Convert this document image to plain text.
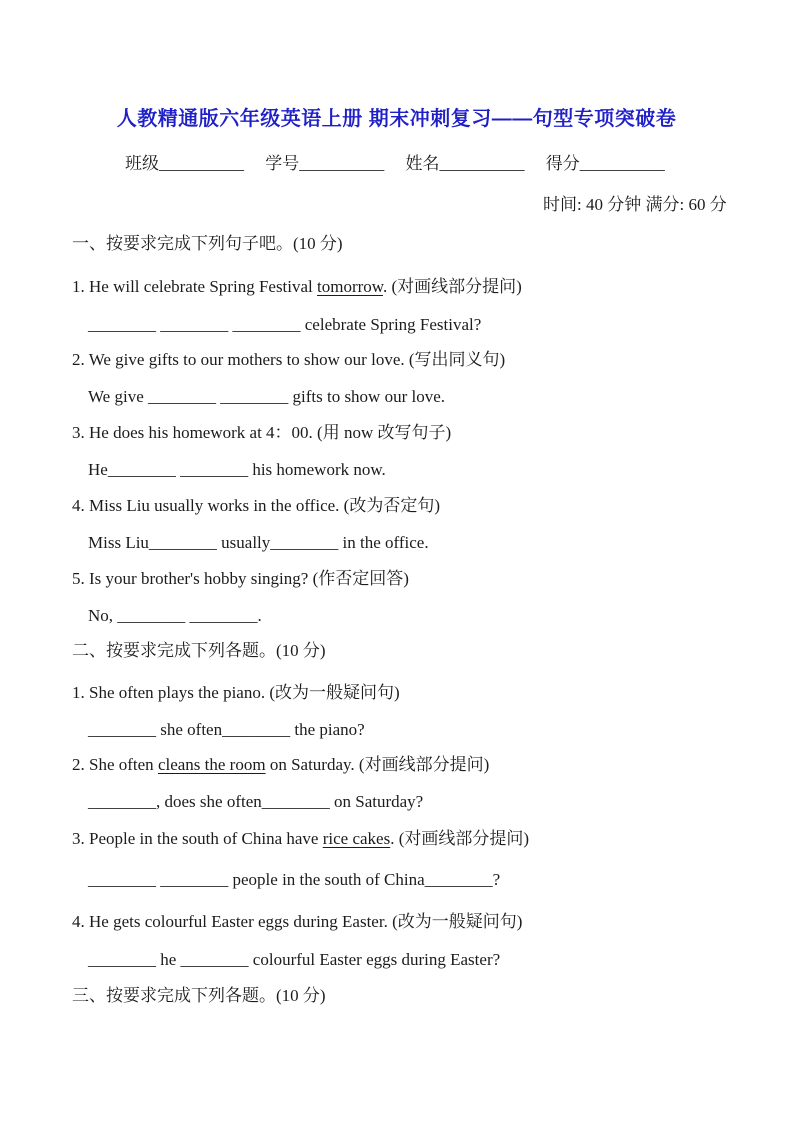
人教精通版六年级英语上册 期末冲刺复习——句型专项突破卷
班级__________ 学号__________ 姓名__________ 得分__________
时间: 40 分钟 满分: 60 分
一、按要求完成下列句子吧。(10 分)
1. He will celebrate Spring Festival tomorrow. (对画线部分提问)
________ ________ ________ celebrate Spring Festival?
2. We give gifts to our mothers to show our love. (写出同义句)
We give ________ ________ gifts to show our love.
3. He does his homework at 4：00. (用 now 改写句子)
He________ ________ his homework now.
4. Miss Liu usually works in the office. (改为否定句)
Miss Liu________ usually________ in the office.
5. Is your brother's hobby singing? (作否定回答)
No, ________ ________.
二、按要求完成下列各题。(10 分)
1. She often plays the piano. (改为一般疑问句)
________ she often________ the piano?
2. She often cleans the room on Saturday. (对画线部分提问)
________, does she often________ on Saturday?
3. People in the south of China have rice cakes. (对画线部分提问)
________ ________ people in the south of China________?
4. He gets colourful Easter eggs during Easter. (改为一般疑问句)
________ he ________ colourful Easter eggs during Easter?
三、按要求完成下列各题。(10 分)
